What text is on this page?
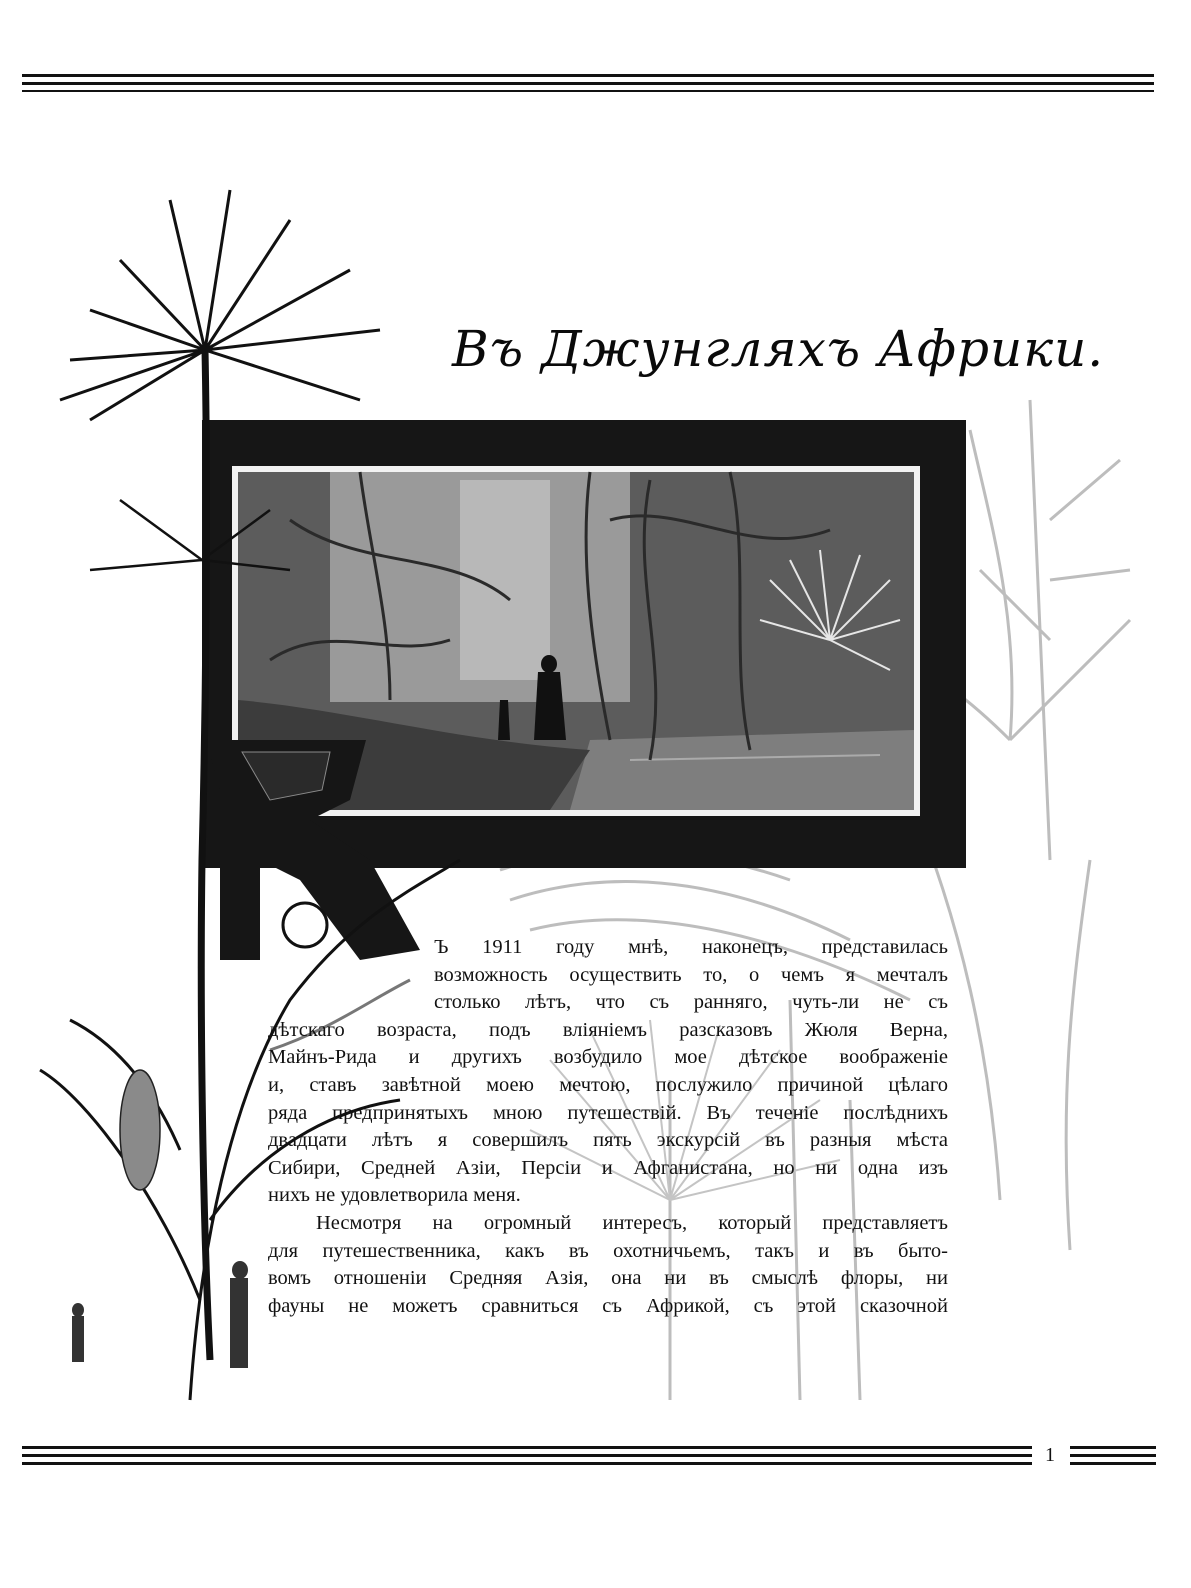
Въ Джунгляхъ Африки.
Ъ 1911 году мнѣ, наконецъ, представилась
возможность осуществить то, о чемъ я мечталъ
столько лѣтъ, что съ ранняго, чуть-ли не съ
дѣтскаго возраста, подъ вліяніемъ разсказовъ Жюля Верна,
Майнъ-Рида и другихъ возбудило мое дѣтское воображеніе
и, ставъ завѣтной моею мечтою, послужило причиной цѣлаго
ряда предпринятыхъ мною путешествій. Въ теченіе послѣднихъ
двадцати лѣтъ я совершилъ пять экскурсій въ разныя мѣста
Сибири, Средней Азіи, Персіи и Афганистана, но ни одна изъ
нихъ не удовлетворила меня.
Несмотря на огромный интересъ, который представляетъ
для путешественника, какъ въ охотничьемъ, такъ и въ быто-
вомъ отношеніи Средняя Азія, она ни въ смыслѣ флоры, ни
фауны не можетъ сравниться съ Африкой, съ этой сказочной
1
